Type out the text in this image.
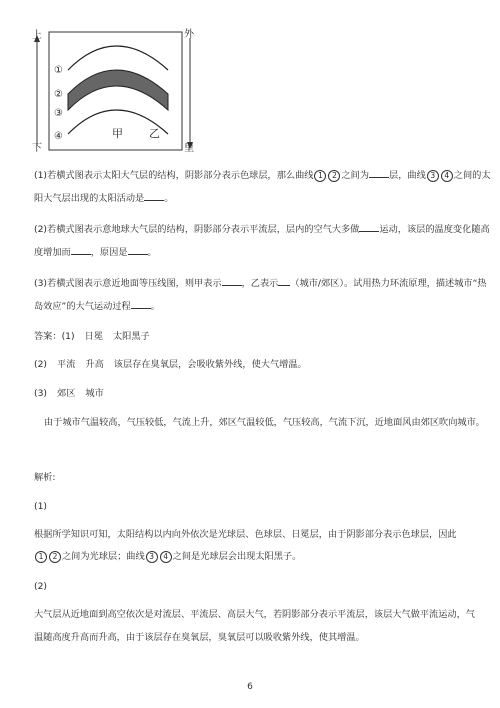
上
下
外
里
①
②
③
④	甲 乙
(1)若横式图表示太阳大气层的结构，阴影部分表示色球层，那么曲线 1 2 之间为 层，曲线 3 4 之间的太
阳大气层出现的太阳活动是 。
(2)若横式图表示意地球大气层的结构，阴影部分表示平流层，层内的空气大多做 运动，该层的温度变化随高
度增加而 ，原因是 。
(3)若横式图表示意近地面等压线图，则甲表示 ，乙表示 （城市/郊区）。试用热力环流原理，描述城市“热
岛效应”的大气运动过程 。
答案：(1) 日冕 太阳黑子
(2) 平流 升高 该层存在臭氧层，会吸收紫外线，使大气增温。
(3) 郊区 城市
由于城市气温较高，气压较低，气流上升，郊区气温较低，气压较高，气流下沉，近地面风由郊区吹向城市。
解析:
(1)
根据所学知识可知，太阳结构以内向外依次是光球层、色球层、日冕层，由于阴影部分表示色球层，因此
1 2 之间为光球层；曲线 3 4 之间是光球层会出现太阳黑子。
(2)
大气层从近地面到高空依次是对流层、平流层、高层大气，若阴影部分表示平流层，该层大气做平流运动，气
温随高度升高而升高，由于该层存在臭氧层，臭氧层可以吸收紫外线，使其增温。
6
